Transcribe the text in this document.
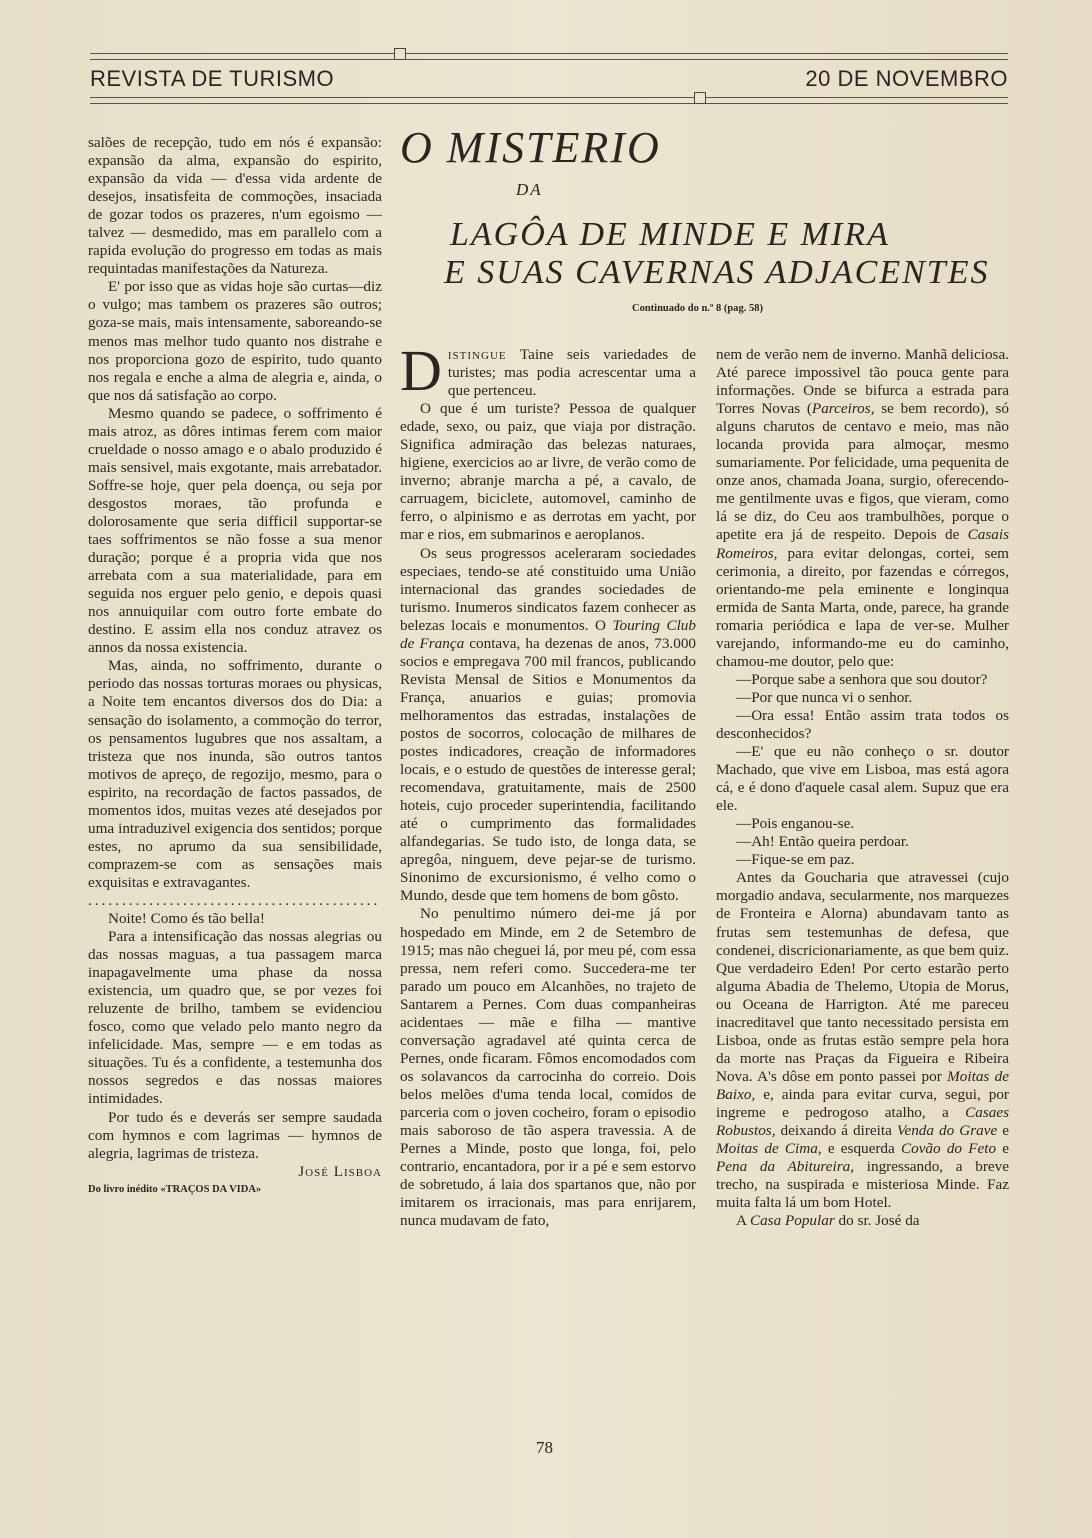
REVISTA DE TURISMO	20 DE NOVEMBRO

salões de recepção, tudo em nós é expansão: expansão da alma, expansão do espirito, expansão da vida — d'essa vida ardente de desejos, insatisfeita de commoções, insaciada de gozar todos os prazeres, n'um egoismo — talvez — desmedido, mas em parallelo com a rapida evolução do progresso em todas as mais requintadas manifestações da Natureza.

E' por isso que as vidas hoje são curtas—diz o vulgo; mas tambem os prazeres são outros; goza-se mais, mais intensamente, saboreando-se menos mas melhor tudo quanto nos distrahe e nos proporciona gozo de espirito, tudo quanto nos regala e enche a alma de alegria e, ainda, o que nos dá satisfação ao corpo.

Mesmo quando se padece, o soffrimento é mais atroz, as dôres intimas ferem com maior crueldade o nosso amago e o abalo produzido é mais sensivel, mais exgotante, mais arrebatador. Soffre-se hoje, quer pela doença, ou seja por desgostos moraes, tão profunda e dolorosamente que seria difficil supportar-se taes soffrimentos se não fosse a sua menor duração; porque é a propria vida que nos arrebata com a sua materialidade, para em seguida nos erguer pelo genio, e depois quasi nos annuiquilar com outro forte embate do destino. E assim ella nos conduz atravez os annos da nossa existencia.

Mas, ainda, no soffrimento, durante o periodo das nossas torturas moraes ou physicas, a Noite tem encantos diversos dos do Dia: a sensação do isolamento, a commoção do terror, os pensamentos lugubres que nos assaltam, a tristeza que nos inunda, são outros tantos motivos de apreço, de regozijo, mesmo, para o espirito, na recordação de factos passados, de momentos idos, muitas vezes até desejados por uma intraduzivel exigencia dos sentidos; porque estes, no aprumo da sua sensibilidade, comprazem-se com as sensações mais exquisitas e extravagantes.

...........................................

Noite! Como és tão bella!

Para a intensificação das nossas alegrias ou das nossas maguas, a tua passagem marca inapagavelmente uma phase da nossa existencia, um quadro que, se por vezes foi reluzente de brilho, tambem se evidenciou fosco, como que velado pelo manto negro da infelicidade. Mas, sempre — e em todas as situações. Tu és a confidente, a testemunha dos nossos segredos e das nossas maiores intimidades.

Por tudo és e deverás ser sempre saudada com hymnos e com lagrimas — hymnos de alegria, lagrimas de tristeza.

José Lisboa

Do livro inédito «TRAÇOS DA VIDA»

O MISTERIO
DA
LAGÔA DE MINDE E MIRA
E SUAS CAVERNAS ADJACENTES
Continuado do n.º 8 (pag. 58)

Distingue Taine seis variedades de turistes; mas podia acrescentar uma a que pertenceu.

O que é um turiste? Pessoa de qualquer edade, sexo, ou paiz, que viaja por distração. Significa admiração das belezas naturaes, higiene, exercicios ao ar livre, de verão como de inverno; abranje marcha a pé, a cavalo, de carruagem, biciclete, automovel, caminho de ferro, o alpinismo e as derrotas em yacht, por mar e rios, em submarinos e aeroplanos.

Os seus progressos aceleraram sociedades especiaes, tendo-se até constituido uma União internacional das grandes sociedades de turismo. Inumeros sindicatos fazem conhecer as belezas locais e monumentos. O Touring Club de França contava, ha dezenas de anos, 73.000 socios e empregava 700 mil francos, publicando Revista Mensal de Sitios e Monumentos da França, anuarios e guias; promovia melhoramentos das estradas, instalações de postos de socorros, colocação de milhares de postes indicadores, creação de informadores locais, e o estudo de questões de interesse geral; recomendava, gratuitamente, mais de 2500 hoteis, cujo proceder superintendia, facilitando até o cumprimento das formalidades alfandegarias. Se tudo isto, de longa data, se apregôa, ninguem, deve pejar-se de turismo. Sinonimo de excursionismo, é velho como o Mundo, desde que tem homens de bom gôsto.

No penultimo número dei-me já por hospedado em Minde, em 2 de Setembro de 1915; mas não cheguei lá, por meu pé, com essa pressa, nem referi como. Succedera-me ter parado um pouco em Alcanhões, no trajeto de Santarem a Pernes. Com duas companheiras acidentaes — mãe e filha — mantive conversação agradavel até quinta cerca de Pernes, onde ficaram. Fômos encomodados com os solavancos da carrocinha do correio. Dois belos melões d'uma tenda local, comidos de parceria com o joven cocheiro, foram o episodio mais saboroso de tão aspera travessia. A de Pernes a Minde, posto que longa, foi, pelo contrario, encantadora, por ir a pé e sem estorvo de sobretudo, á laia dos spartanos que, não por imitarem os irracionais, mas para enrijarem, nunca mudavam de fato,

nem de verão nem de inverno. Manhã deliciosa. Até parece impossivel tão pouca gente para informações. Onde se bifurca a estrada para Torres Novas (Parceiros, se bem recordo), só alguns charutos de centavo e meio, mas não locanda provida para almoçar, mesmo sumariamente. Por felicidade, uma pequenita de onze anos, chamada Joana, surgio, oferecendo-me gentilmente uvas e figos, que vieram, como lá se diz, do Ceu aos trambulhões, porque o apetite era já de respeito. Depois de Casais Romeiros, para evitar delongas, cortei, sem cerimonia, a direito, por fazendas e córregos, orientando-me pela eminente e longinqua ermida de Santa Marta, onde, parece, ha grande romaria periódica e lapa de ver-se. Mulher varejando, informando-me eu do caminho, chamou-me doutor, pelo que:

—Porque sabe a senhora que sou doutor?

—Por que nunca vi o senhor.

—Ora essa! Então assim trata todos os desconhecidos?

—E' que eu não conheço o sr. doutor Machado, que vive em Lisboa, mas está agora cá, e é dono d'aquele casal alem. Supuz que era ele.

—Pois enganou-se.

—Ah! Então queira perdoar.

—Fique-se em paz.

Antes da Goucharia que atravessei (cujo morgadio andava, secularmente, nos marquezes de Fronteira e Alorna) abundavam tanto as frutas sem testemunhas de defesa, que condenei, discricionariamente, as que bem quiz. Que verdadeiro Eden! Por certo estarão perto alguma Abadia de Thelemo, Utopia de Morus, ou Oceana de Harrigton. Até me pareceu inacreditavel que tanto necessitado persista em Lisboa, onde as frutas estão sempre pela hora da morte nas Praças da Figueira e Ribeira Nova. A's dôse em ponto passei por Moitas de Baixo, e, ainda para evitar curva, segui, por ingreme e pedrogoso atalho, a Casaes Robustos, deixando á direita Venda do Grave e Moitas de Cima, e esquerda Covão do Feto e Pena da Abitureira, ingressando, a breve trecho, na suspirada e misteriosa Minde. Faz muita falta lá um bom Hotel.

A Casa Popular do sr. José da

78
